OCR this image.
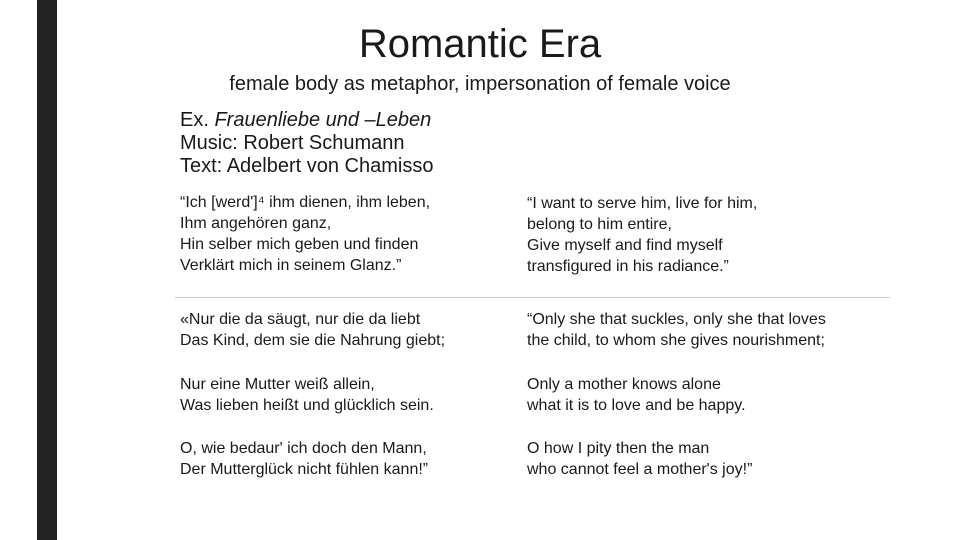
Romantic Era
female body as metaphor, impersonation of female voice
Ex. Frauenliebe und –Leben
Music: Robert Schumann
Text: Adelbert von Chamisso
“Ich [werd']⁴ ihm dienen, ihm leben,
Ihm angehören ganz,
Hin selber mich geben und finden
Verklärt mich in seinem Glanz.”
“I want to serve him, live for him,
belong to him entire,
Give myself and find myself
transfigured in his radiance.”
«Nur die da säugt, nur die da liebt
Das Kind, dem sie die Nahrung giebt;
“Only she that suckles, only she that loves
the child, to whom she gives nourishment;
Nur eine Mutter weiß allein,
Was lieben heißt und glücklich sein.
Only a mother knows alone
what it is to love and be happy.
O, wie bedaur' ich doch den Mann,
Der Mutterglück nicht fühlen kann!”
O how I pity then the man
who cannot feel a mother's joy!”
